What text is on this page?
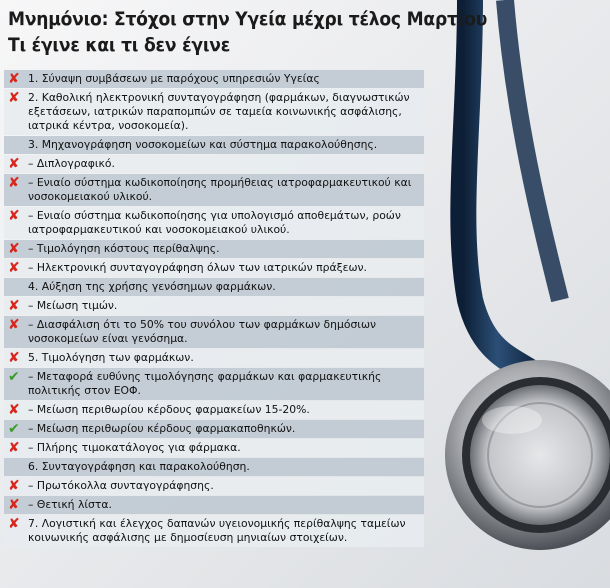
Μνημόνιο: Στόχοι στην Υγεία μέχρι τέλος Μαρτίου
Τι έγινε και τι δεν έγινε
✘ 1. Σύναψη συμβάσεων με παρόχους υπηρεσιών Υγείας
✘ 2. Καθολική ηλεκτρονική συνταγογράφηση (φαρμάκων, διαγνωστικών εξετάσεων, ιατρικών παραπομπών σε ταμεία κοινωνικής ασφάλισης, ιατρικά κέντρα, νοσοκομεία).
3. Μηχανογράφηση νοσοκομείων και σύστημα παρακολούθησης.
✘ – Διπλογραφικό.
✘ – Ενιαίο σύστημα κωδικοποίησης προμήθειας ιατροφαρμακευτικού και νοσοκομειακού υλικού.
✘ – Ενιαίο σύστημα κωδικοποίησης για υπολογισμό αποθεμάτων, ροών ιατροφαρμακευτικού και νοσοκομειακού υλικού.
✘ – Τιμολόγηση κόστους περίθαλψης.
✘ – Ηλεκτρονική συνταγογράφηση όλων των ιατρικών πράξεων.
4. Αύξηση της χρήσης γενόσημων φαρμάκων.
✘ – Μείωση τιμών.
✘ – Διασφάλιση ότι το 50% του συνόλου των φαρμάκων δημόσιων νοσοκομείων είναι γενόσημα.
✘ 5. Τιμολόγηση των φαρμάκων.
✔ – Μεταφορά ευθύνης τιμολόγησης φαρμάκων και φαρμακευτικής πολιτικής στον ΕΟΦ.
✘ – Μείωση περιθωρίου κέρδους φαρμακείων 15-20%.
✔ – Μείωση περιθωρίου κέρδους φαρμακαποθηκών.
✘ – Πλήρης τιμοκατάλογος για φάρμακα.
6. Συνταγογράφηση και παρακολούθηση.
✘ – Πρωτόκολλα συνταγογράφησης.
✘ – Θετική λίστα.
✘ 7. Λογιστική και έλεγχος δαπανών υγειονομικής περίθαλψης ταμείων κοινωνικής ασφάλισης με δημοσίευση μηνιαίων στοιχείων.
